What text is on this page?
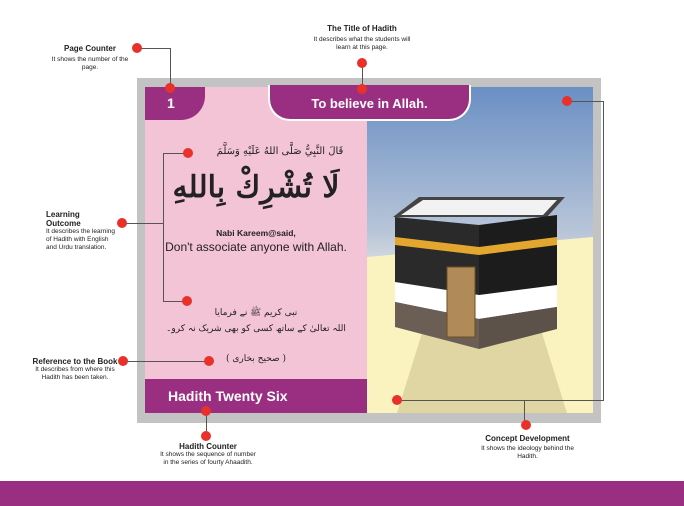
1	To believe in Allah.
قَالَ النَّبِيُّ صَلَّى اللهُ عَلَيْهِ وَسَلَّمَ
لَا تُشْرِكْ بِاللهِ
Nabi Kareem@said,
Don't associate anyone with Allah.
نبی کریم ﷺ نے فرمایا
اللہ تعالیٰ کے ساتھ کسی کو بھی شریک نہ کرو۔
( صحیح بخاری )
Hadith Twenty Six
Page Counter
It shows the number of the page.
The Title of Hadith
It describes what the students will learn at this page.
Learning Outcome
It describes the learning of Hadith with English and Urdu translation.
Reference to the Book
It describes from where this Hadith has been taken.
Hadith Counter
It shows the sequence of number in the series of fourty Ahaadith.
Concept Development
It shows the ideology behind the Hadith.
